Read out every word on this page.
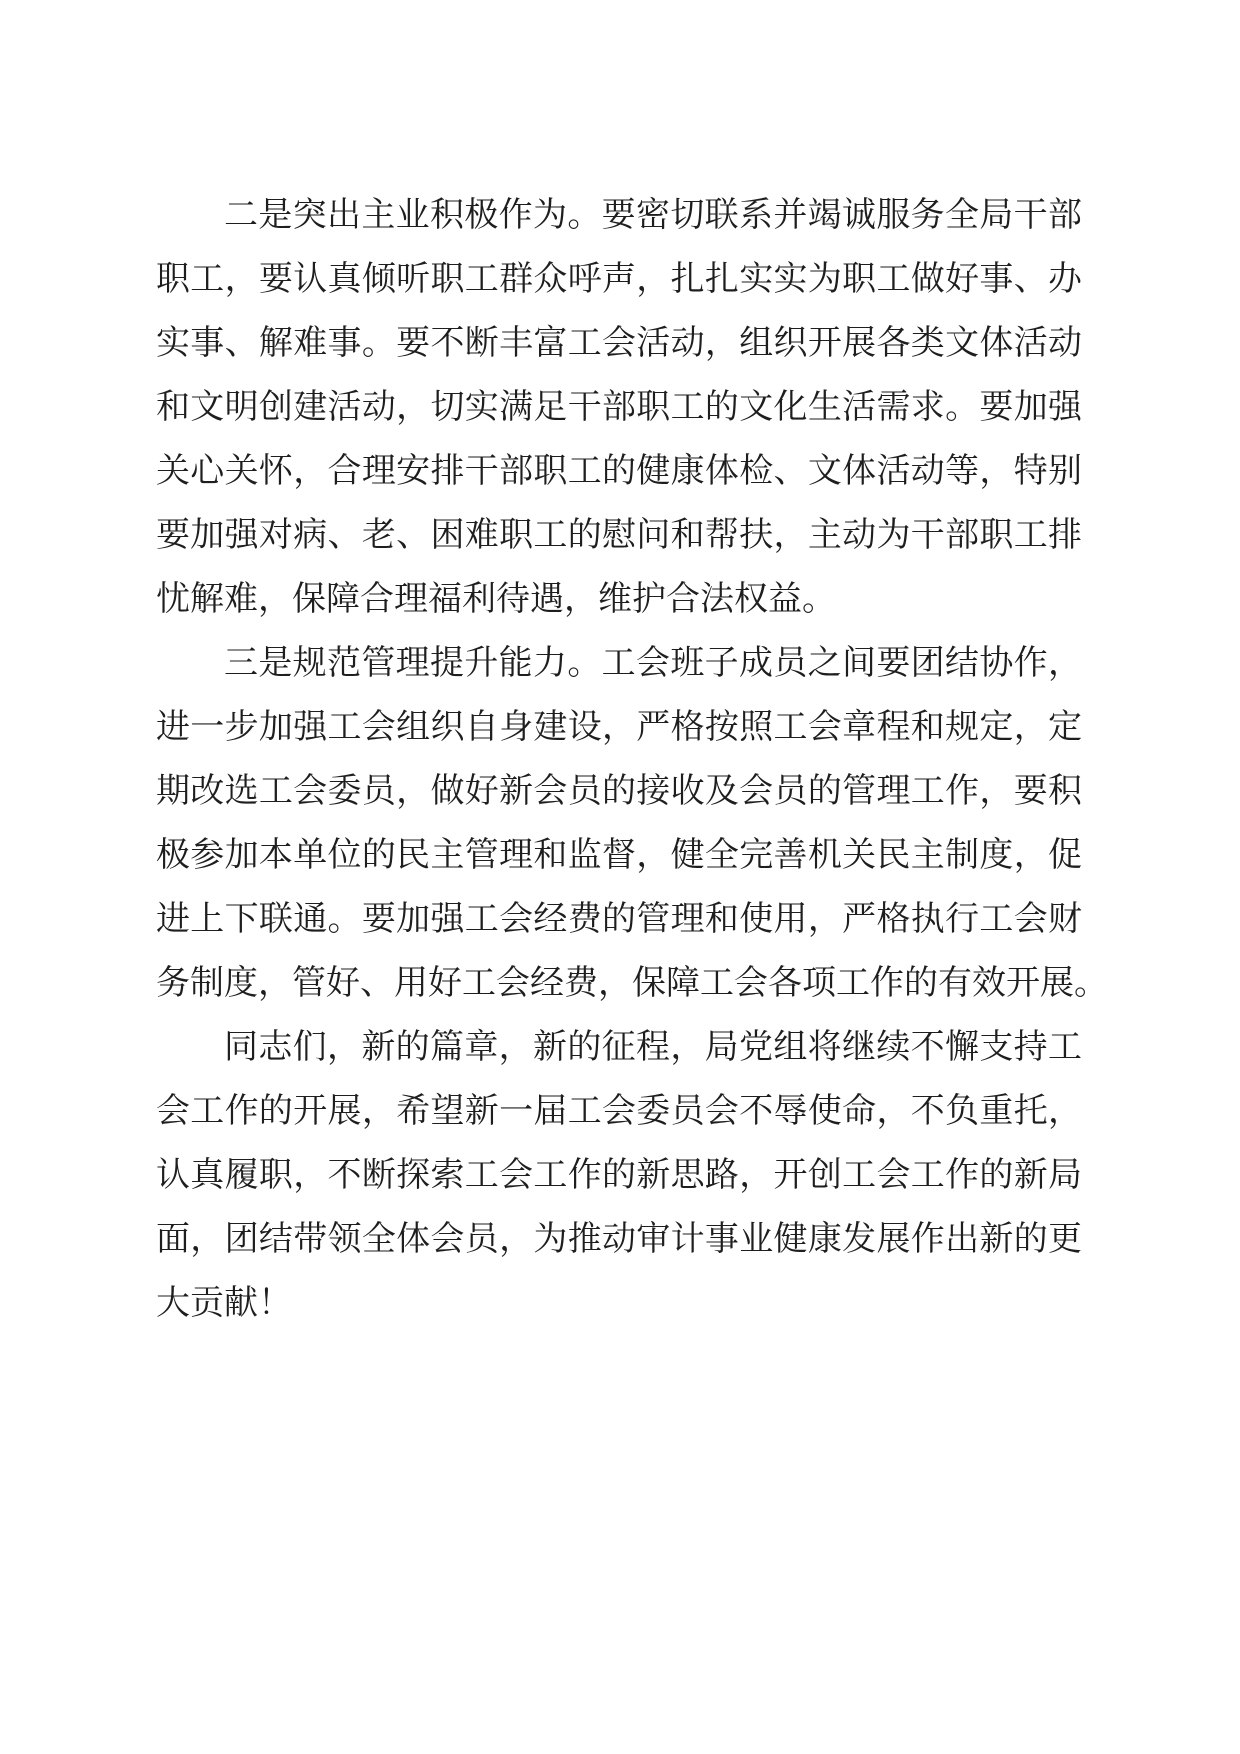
二是突出主业积极作为。要密切联系并竭诚服务全局干部
职工，要认真倾听职工群众呼声，扎扎实实为职工做好事、办
实事、解难事。要不断丰富工会活动，组织开展各类文体活动
和文明创建活动，切实满足干部职工的文化生活需求。要加强
关心关怀，合理安排干部职工的健康体检、文体活动等，特别
要加强对病、老、困难职工的慰问和帮扶，主动为干部职工排
忧解难，保障合理福利待遇，维护合法权益。
三是规范管理提升能力。工会班子成员之间要团结协作，
进一步加强工会组织自身建设，严格按照工会章程和规定，定
期改选工会委员，做好新会员的接收及会员的管理工作，要积
极参加本单位的民主管理和监督，健全完善机关民主制度，促
进上下联通。要加强工会经费的管理和使用，严格执行工会财
务制度，管好、用好工会经费，保障工会各项工作的有效开展。
同志们，新的篇章，新的征程，局党组将继续不懈支持工
会工作的开展，希望新一届工会委员会不辱使命，不负重托，
认真履职，不断探索工会工作的新思路，开创工会工作的新局
面，团结带领全体会员，为推动审计事业健康发展作出新的更
大贡献！
